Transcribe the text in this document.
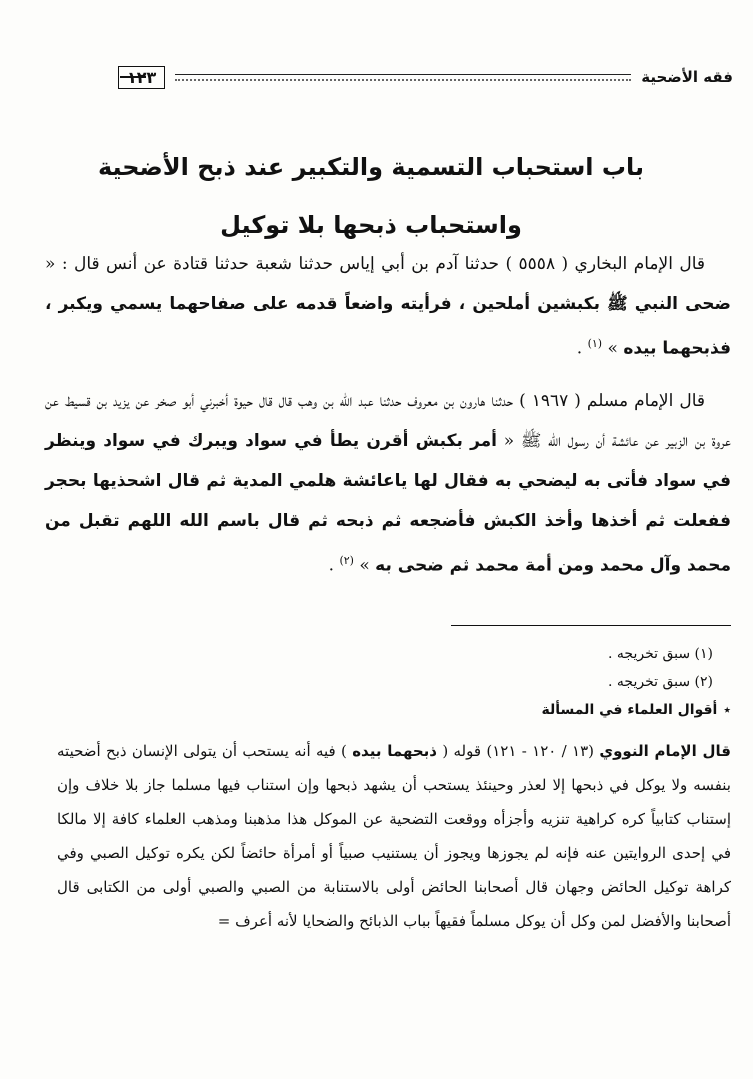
فقه الأضحية
١٢٣
باب استحباب التسمية والتكبير عند ذبح الأضحية
واستحباب ذبحها بلا توكيل

قال الإمام البخاري ( ٥٥٥٨ ) حدثنا آدم بن أبي إياس حدثنا شعبة حدثنا قتادة عن أنس قال : « ضحى النبي ﷺ بكبشين أملحين ، فرأيته واضعاً قدمه على صفاحهما يسمي ويكبر ، فذبحهما بيده » $^{(١)}$ .

قال الإمام مسلم ( ١٩٦٧ ) حدثنا هارون بن معروف حدثنا عبد الله بن وهب قال قال حيوة أخبرني أبو صخر عن يزيد بن قسيط عن عروة بن الزبير عن عائشة أن رسول الله ﷺ « أمر بكبش أقرن يطأ في سواد ويبرك في سواد وينظر في سواد فأتى به ليضحي به فقال لها ياعائشة هلمي المدية ثم قال اشحذيها بحجر ففعلت ثم أخذها وأخذ الكبش فأضجعه ثم ذبحه ثم قال باسم الله اللهم تقبل من محمد وآل محمد ومن أمة محمد ثم ضحى به » $^{(٢)}$ .

(١) سبق تخريجه .
(٢) سبق تخريجه .
٭أقوال العلماء في المسألة

قال الإمام النووي (١٣ / ١٢٠ - ١٢١) قوله ( ذبحهما بيده ) فيه أنه يستحب أن يتولى الإنسان ذبح أضحيته بنفسه ولا يوكل في ذبحها إلا لعذر وحينئذ يستحب أن يشهد ذبحها وإن استناب فيها مسلما جاز بلا خلاف وإن إستناب كتابياً كره كراهية تنزيه وأجزأه ووقعت التضحية عن الموكل هذا مذهبنا ومذهب العلماء كافة إلا مالكا في إحدى الروايتين عنه فإنه لم يجوزها ويجوز أن يستنيب صبياً أو أمرأة حائضاً لكن يكره توكيل الصبي وفي كراهة توكيل الحائض وجهان قال أصحابنا الحائض أولى بالاستنابة من الصبي والصبي أولى من الكتابى قال أصحابنا والأفضل لمن وكل أن يوكل مسلماً فقيهاً بباب الذبائح والضحايا لأنه أعرف =
